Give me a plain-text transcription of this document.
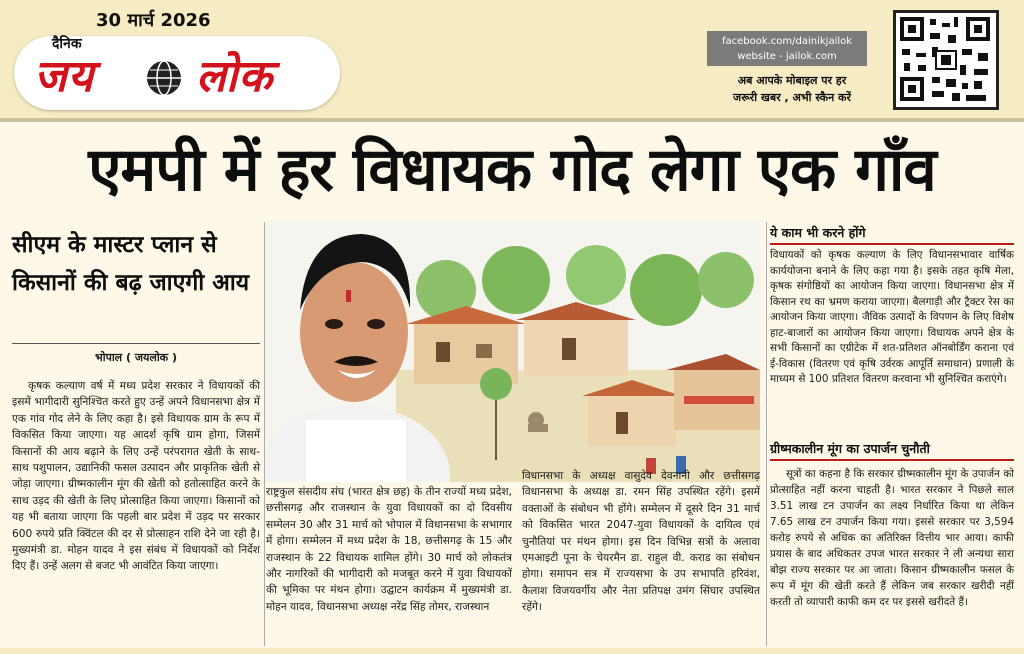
30 मार्च 2026
दैनिक
जय लोक
facebook.com/dainikjailok
website - jailok.com
अब आपके मोबाइल पर हर
जरूरी खबर , अभी स्कैन करें
एमपी में हर विधायक गोद लेगा एक गाँव
सीएम के मास्टर प्लान से किसानों की बढ़ जाएगी आय
भोपाल ( जयलोक )

कृषक कल्याण वर्ष में मध्य प्रदेश सरकार ने विधायकों की इसमें भागीदारी सुनिश्चित करते हुए उन्हें अपने विधानसभा क्षेत्र में एक गांव गोद लेने के लिए कहा है। इसे विधायक ग्राम के रूप में विकसित किया जाएगा। यह आदर्श कृषि ग्राम होगा, जिसमें किसानों की आय बढ़ाने के लिए उन्हें परंपरागत खेती के साथ-साथ पशुपालन, उद्यानिकी फसल उत्पादन और प्राकृतिक खेती से जोड़ा जाएगा। ग्रीष्मकालीन मूंग की खेती को हतोत्साहित करने के साथ उड़द की खेती के लिए प्रोत्साहित किया जाएगा। किसानों को यह भी बताया जाएगा कि पहली बार प्रदेश में उड़द पर सरकार 600 रुपये प्रति क्विंटल की दर से प्रोत्साहन राशि देने जा रही है। मुख्यमंत्री डा. मोहन यादव ने इस संबंध में विधायकों को निर्देश दिए हैं। उन्हें अलग से बजट भी आवंटित किया जाएगा।

राष्ट्रकुल संसदीय संघ (भारत क्षेत्र छह) के तीन राज्यों मध्य प्रदेश, छत्तीसगढ़ और राजस्थान के युवा विधायकों का दो दिवसीय सम्मेलन 30 और 31 मार्च को भोपाल में विधानसभा के सभागार में होगा। सम्मेलन में मध्य प्रदेश के 18, छत्तीसगढ़ के 15 और राजस्थान के 22 विधायक शामिल होंगे। 30 मार्च को लोकतंत्र और नागरिकों की भागीदारी को मजबूत करने में युवा विधायकों की भूमिका पर मंथन होगा। उद्घाटन कार्यक्रम में मुख्यमंत्री डा. मोहन यादव, विधानसभा अध्यक्ष नरेंद्र सिंह तोमर, राजस्थान

विधानसभा के अध्यक्ष वासुदेव देवनानी और छत्तीसगढ़ विधानसभा के अध्यक्ष डा. रमन सिंह उपस्थित रहेंगे। इसमें वक्ताओं के संबोधन भी होंगे। सम्मेलन में दूसरे दिन 31 मार्च को विकसित भारत 2047-युवा विधायकों के दायित्व एवं चुनौतियां पर मंथन होगा। इस दिन विभिन्न सत्रों के अलावा एमआइटी पूना के चेयरमैन डा. राहुल वी. कराड का संबोधन होगा। समापन सत्र में राज्यसभा के उप सभापति हरिवंश, कैलाश विजयवर्गीय और नेता प्रतिपक्ष उमंग सिंघार उपस्थित रहेंगे।

ये काम भी करने होंगे

विधायकों को कृषक कल्याण के लिए विधानसभावार वार्षिक कार्ययोजना बनाने के लिए कहा गया है। इसके तहत कृषि मेला, कृषक संगोष्ठियों का आयोजन किया जाएगा। विधानसभा क्षेत्र में किसान रथ का भ्रमण कराया जाएगा। बैलगाड़ी और ट्रैक्टर रेस का आयोजन किया जाएगा। जैविक उत्पादों के विपणन के लिए विशेष हाट-बाजारों का आयोजन किया जाएगा। विधायक अपने क्षेत्र के सभी किसानों का एग्रीटेक में शत-प्रतिशत ऑनबोर्डिंग कराना एवं ई-विकास (वितरण एवं कृषि उर्वरक आपूर्ति समाधान) प्रणाली के माध्यम से 100 प्रतिशत वितरण करवाना भी सुनिश्चित कराएंगे।

ग्रीष्मकालीन मूंग का उपार्जन चुनौती

सूत्रों का कहना है कि सरकार ग्रीष्मकालीन मूंग के उपार्जन को प्रोत्साहित नहीं करना चाहती है। भारत सरकार ने पिछले साल 3.51 लाख टन उपार्जन का लक्ष्य निर्धारित किया था लेकिन 7.65 लाख टन उपार्जन किया गया। इससे सरकार पर 3,594 करोड़ रुपये से अधिक का अतिरिक्त वित्तीय भार आया। काफी प्रयास के बाद अधिकतर उपज भारत सरकार ने ली अन्यथा सारा बोझ राज्य सरकार पर आ जाता। किसान ग्रीष्मकालीन फसल के रूप में मूंग की खेती करते हैं लेकिन जब सरकार खरीदी नहीं करती तो व्यापारी काफी कम दर पर इससे खरीदते हैं।
